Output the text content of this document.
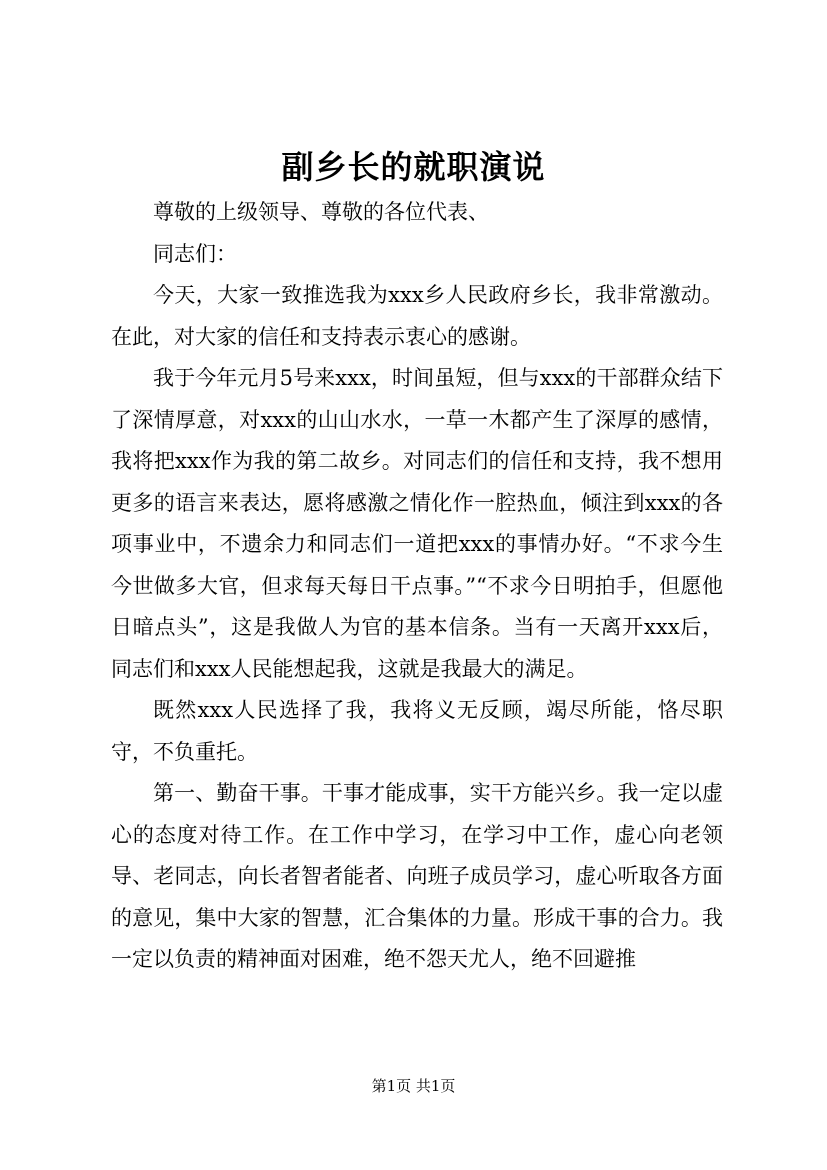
副乡长的就职演说

尊敬的上级领导、尊敬的各位代表、

同志们：

今天，大家一致推选我为xxx乡人民政府乡长，我非常激动。在此，对大家的信任和支持表示衷心的感谢。

我于今年元月5号来xxx，时间虽短，但与xxx的干部群众结下了深情厚意，对xxx的山山水水，一草一木都产生了深厚的感情，我将把xxx作为我的第二故乡。对同志们的信任和支持，我不想用更多的语言来表达，愿将感激之情化作一腔热血，倾注到xxx的各项事业中，不遗余力和同志们一道把xxx的事情办好。“不求今生今世做多大官，但求每天每日干点事。”“不求今日明拍手，但愿他日暗点头”，这是我做人为官的基本信条。当有一天离开xxx后，同志们和xxx人民能想起我，这就是我最大的满足。

既然xxx人民选择了我，我将义无反顾，竭尽所能，恪尽职守，不负重托。

第一、勤奋干事。干事才能成事，实干方能兴乡。我一定以虚心的态度对待工作。在工作中学习，在学习中工作，虚心向老领导、老同志，向长者智者能者、向班子成员学习，虚心听取各方面的意见，集中大家的智慧，汇合集体的力量。形成干事的合力。我一定以负责的精神面对困难，绝不怨天尤人，绝不回避推

第1页 共1页
